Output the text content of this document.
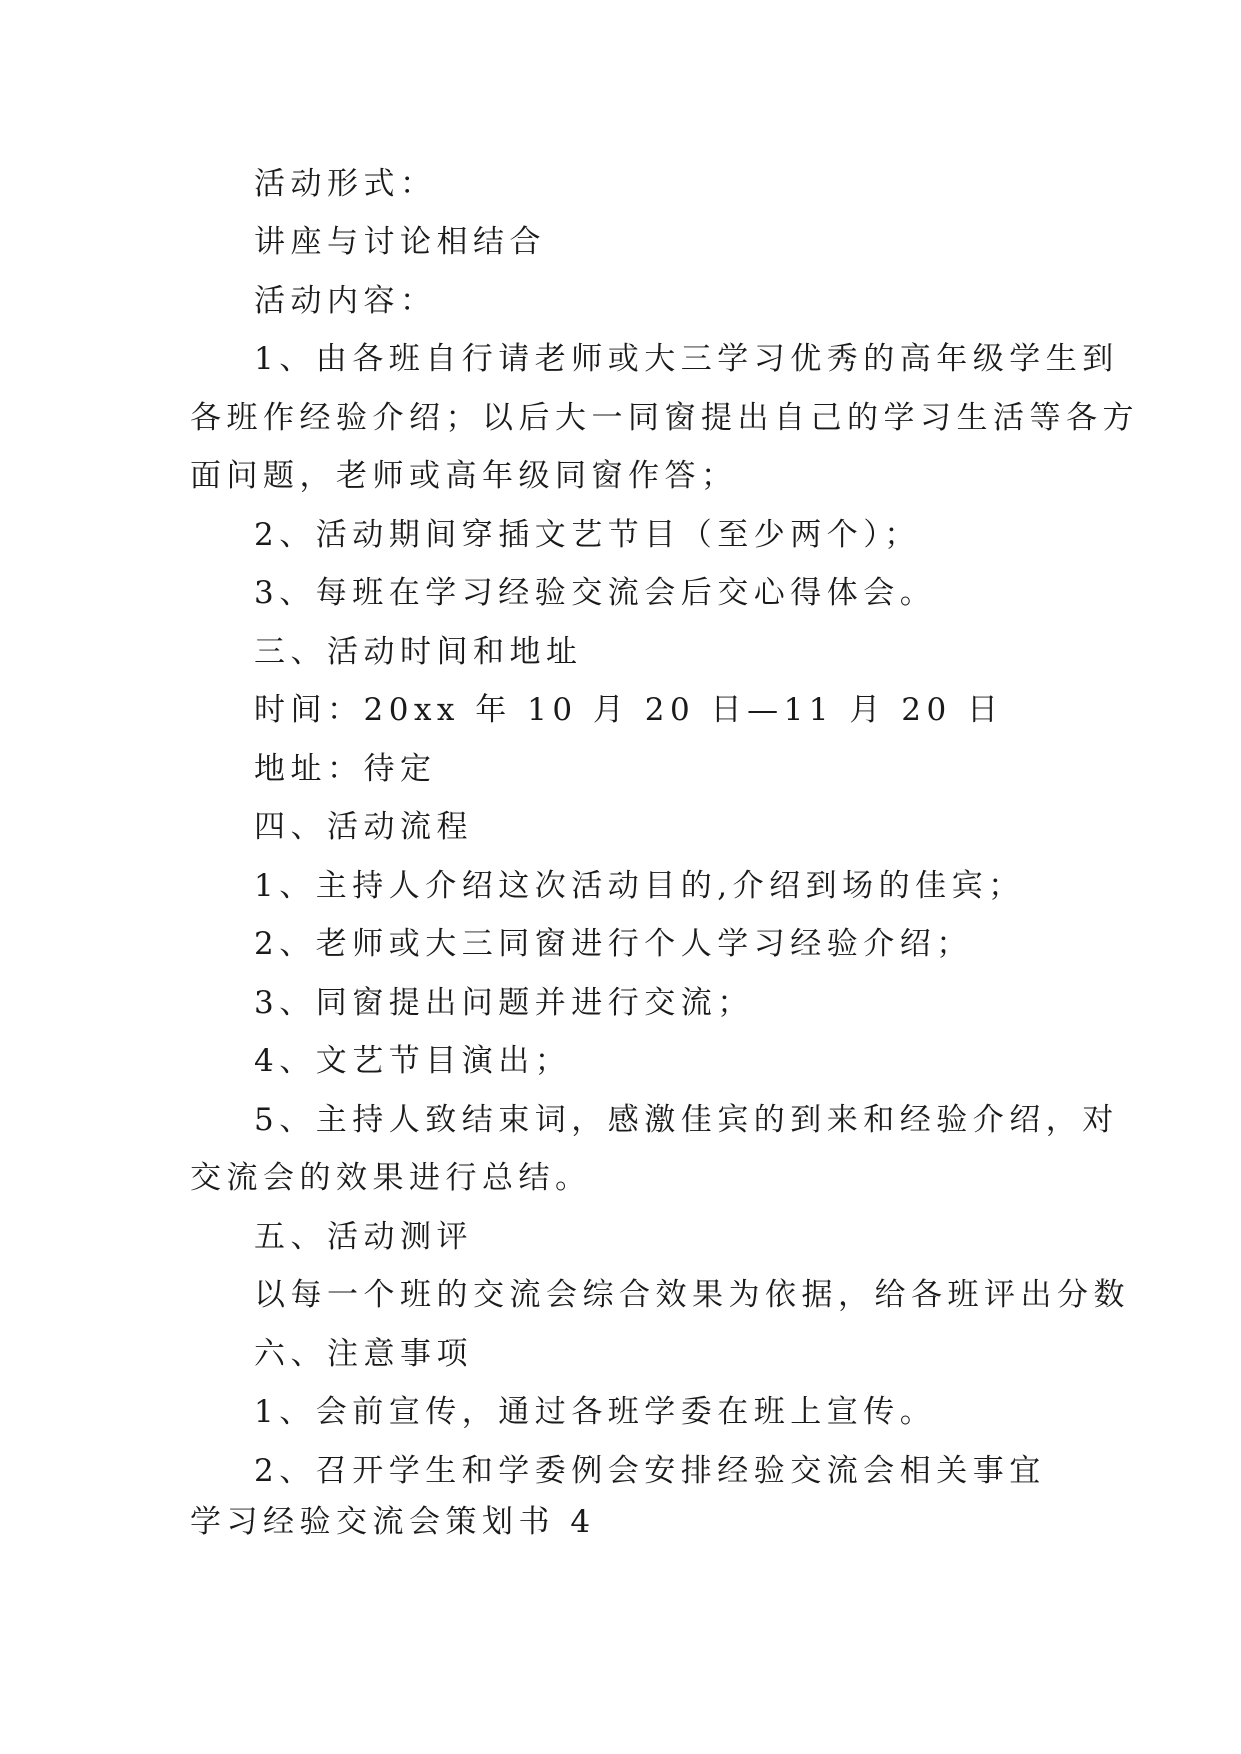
活动形式：

讲座与讨论相结合

活动内容：

1、由各班自行请老师或大三学习优秀的高年级学生到

各班作经验介绍；以后大一同窗提出自己的学习生活等各方

面问题，老师或高年级同窗作答；

2、活动期间穿插文艺节目（至少两个）；

3、每班在学习经验交流会后交心得体会。

三、活动时间和地址

时间：20xx 年 10 月 20 日—11 月 20 日

地址：待定

四、活动流程

1、主持人介绍这次活动目的,介绍到场的佳宾；

2、老师或大三同窗进行个人学习经验介绍；

3、同窗提出问题并进行交流；

4、文艺节目演出；

5、主持人致结束词，感激佳宾的到来和经验介绍，对

交流会的效果进行总结。

五、活动测评

以每一个班的交流会综合效果为依据，给各班评出分数

六、注意事项

1、会前宣传，通过各班学委在班上宣传。

2、召开学生和学委例会安排经验交流会相关事宜

学习经验交流会策划书 4
